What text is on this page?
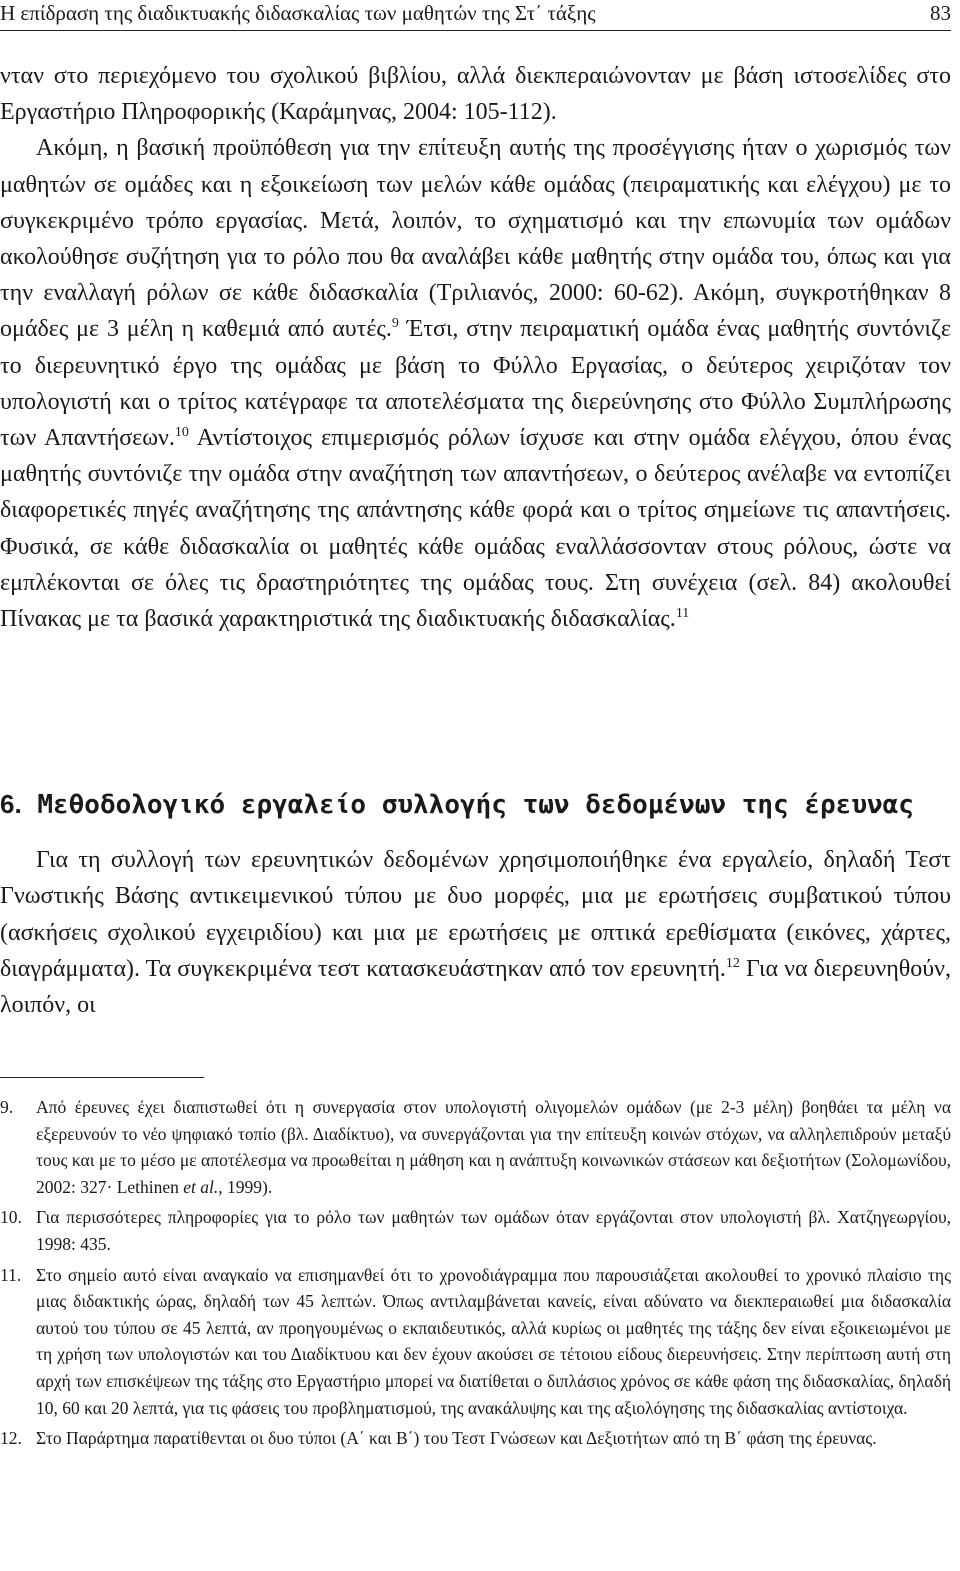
Η επίδραση της διαδικτυακής διδασκαλίας των μαθητών της Στ΄ τάξης	83

νταν στο περιεχόμενο του σχολικού βιβλίου, αλλά διεκπεραιώνονταν με βάση ιστοσελίδες στο Εργαστήριο Πληροφορικής (Καράμηνας, 2004: 105-112).

Ακόμη, η βασική προϋπόθεση για την επίτευξη αυτής της προσέγγισης ήταν ο χωρισμός των μαθητών σε ομάδες και η εξοικείωση των μελών κάθε ομάδας (πειραματικής και ελέγχου) με το συγκεκριμένο τρόπο εργασίας. Μετά, λοιπόν, το σχηματισμό και την επωνυμία των ομάδων ακολούθησε συζήτηση για το ρόλο που θα αναλάβει κάθε μαθητής στην ομάδα του, όπως και για την εναλλαγή ρόλων σε κάθε διδασκαλία (Τριλιανός, 2000: 60-62). Ακόμη, συγκροτήθηκαν 8 ομάδες με 3 μέλη η καθεμιά από αυτές.$^9$ Έτσι, στην πειραματική ομάδα ένας μαθητής συντόνιζε το διερευνητικό έργο της ομάδας με βάση το Φύλλο Εργασίας, ο δεύτερος χειριζόταν τον υπολογιστή και ο τρίτος κατέγραφε τα αποτελέσματα της διερεύνησης στο Φύλλο Συμπλήρωσης των Απαντήσεων.$^{10}$ Αντίστοιχος επιμερισμός ρόλων ίσχυσε και στην ομάδα ελέγχου, όπου ένας μαθητής συντόνιζε την ομάδα στην αναζήτηση των απαντήσεων, ο δεύτερος ανέλαβε να εντοπίζει διαφορετικές πηγές αναζήτησης της απάντησης κάθε φορά και ο τρίτος σημείωνε τις απαντήσεις. Φυσικά, σε κάθε διδασκαλία οι μαθητές κάθε ομάδας εναλλάσσονταν στους ρόλους, ώστε να εμπλέκονται σε όλες τις δραστηριότητες της ομάδας τους. Στη συνέχεια (σελ. 84) ακολουθεί Πίνακας με τα βασικά χαρακτηριστικά της διαδικτυακής διδασκαλίας.$^{11}$

6. Μεθοδολογικό εργαλείο συλλογής των δεδομένων της έρευνας

Για τη συλλογή των ερευνητικών δεδομένων χρησιμοποιήθηκε ένα εργαλείο, δηλαδή Τεστ Γνωστικής Βάσης αντικειμενικού τύπου με δυο μορφές, μια με ερωτήσεις συμβατικού τύπου (ασκήσεις σχολικού εγχειριδίου) και μια με ερωτήσεις με οπτικά ερεθίσματα (εικόνες, χάρτες, διαγράμματα). Τα συγκεκριμένα τεστ κατασκευάστηκαν από τον ερευνητή.$^{12}$ Για να διερευνηθούν, λοιπόν, οι

9.	Από έρευνες έχει διαπιστωθεί ότι η συνεργασία στον υπολογιστή ολιγομελών ομάδων (με 2-3 μέλη) βοηθάει τα μέλη να εξερευνούν το νέο ψηφιακό τοπίο (βλ. Διαδίκτυο), να συνεργάζονται για την επίτευξη κοινών στόχων, να αλληλεπιδρούν μεταξύ τους και με το μέσο με αποτέλεσμα να προωθείται η μάθηση και η ανάπτυξη κοινωνικών στάσεων και δεξιοτήτων (Σολομωνίδου, 2002: 327· Lethinen et al., 1999).
10. Για περισσότερες πληροφορίες για το ρόλο των μαθητών των ομάδων όταν εργάζονται στον υπολογιστή βλ. Χατζηγεωργίου, 1998: 435.
11. Στο σημείο αυτό είναι αναγκαίο να επισημανθεί ότι το χρονοδιάγραμμα που παρουσιάζεται ακολουθεί το χρονικό πλαίσιο της μιας διδακτικής ώρας, δηλαδή των 45 λεπτών. Όπως αντιλαμβάνεται κανείς, είναι αδύνατο να διεκπεραιωθεί μια διδασκαλία αυτού του τύπου σε 45 λεπτά, αν προηγουμένως ο εκπαιδευτικός, αλλά κυρίως οι μαθητές της τάξης δεν είναι εξοικειωμένοι με τη χρήση των υπολογιστών και του Διαδίκτυου και δεν έχουν ακούσει σε τέτοιου είδους διερευνήσεις. Στην περίπτωση αυτή στη αρχή των επισκέψεων της τάξης στο Εργαστήριο μπορεί να διατίθεται ο διπλάσιος χρόνος σε κάθε φάση της διδασκαλίας, δηλαδή 10, 60 και 20 λεπτά, για τις φάσεις του προβληματισμού, της ανακάλυψης και της αξιολόγησης της διδασκαλίας αντίστοιχα.
12. Στο Παράρτημα παρατίθενται οι δυο τύποι (Α΄ και Β΄) του Τεστ Γνώσεων και Δεξιοτήτων από τη Β΄ φάση της έρευνας.
